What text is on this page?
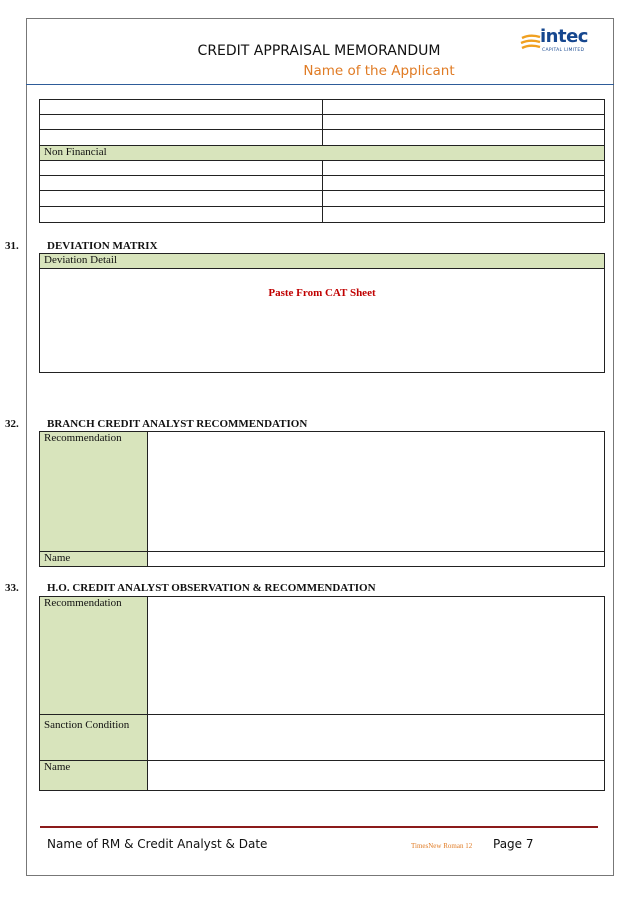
CREDIT APPRAISAL MEMORANDUM
Name of the Applicant
intec
CAPITAL LIMITED

Non Financial	

31.	DEVIATION MATRIX
Deviation Detail
Paste From CAT Sheet
32.	BRANCH CREDIT ANALYST RECOMMENDATION
Recommendation	
Name	
33.	H.O. CREDIT ANALYST OBSERVATION & RECOMMENDATION
Recommendation	
Sanction Condition	
Name	
Name of RM & Credit Analyst & Date	TimesNew Roman 12 Page 7
